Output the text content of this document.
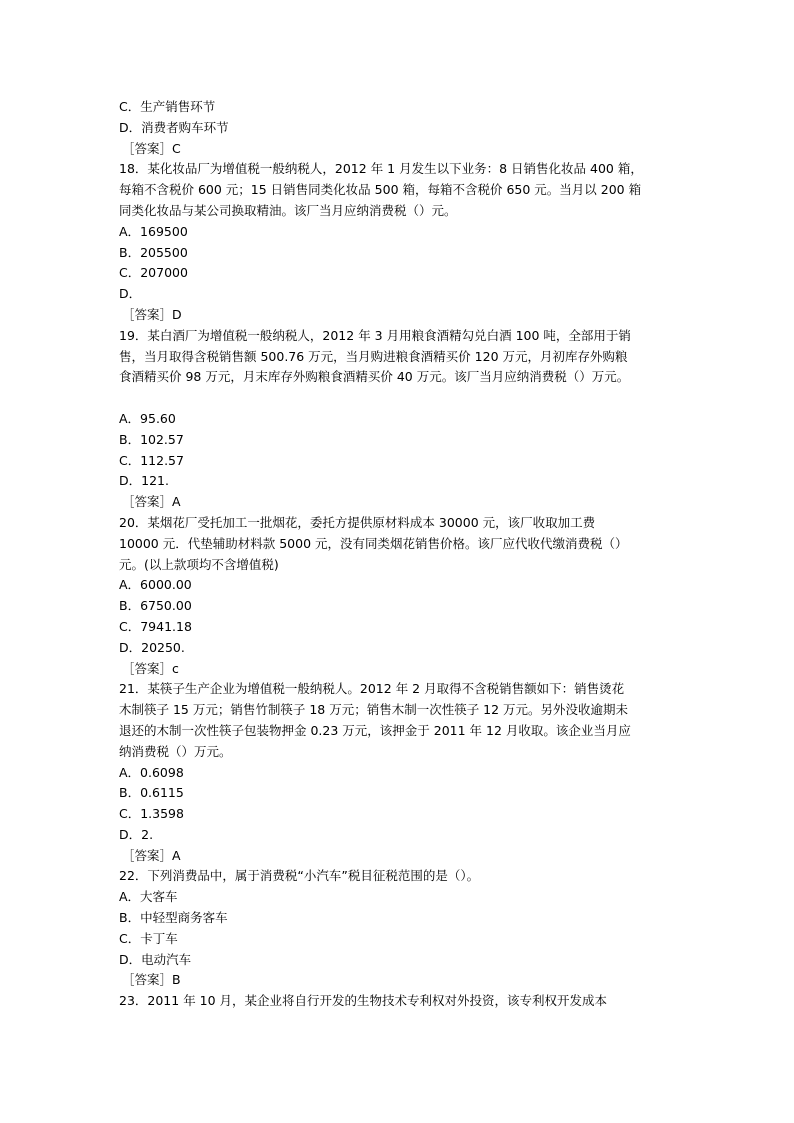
C．生产销售环节
D．消费者购车环节
［答案］C
18．某化妆品厂为增值税一般纳税人，2012 年 1 月发生以下业务：8 日销售化妆品 400 箱，
每箱不含税价 600 元；15 日销售同类化妆品 500 箱，每箱不含税价 650 元。当月以 200 箱
同类化妆品与某公司换取精油。该厂当月应纳消费税（）元。
A．169500
B．205500
C．207000
D．
［答案］D
19．某白酒厂为增值税一般纳税人，2012 年 3 月用粮食酒精勾兑白酒 100 吨，全部用于销
售，当月取得含税销售额 500.76 万元，当月购进粮食酒精买价 120 万元，月初库存外购粮
食酒精买价 98 万元，月末库存外购粮食酒精买价 40 万元。该厂当月应纳消费税（）万元。
A．95.60
B．102.57
C．112.57
D．121.
［答案］A
20．某烟花厂受托加工一批烟花，委托方提供原材料成本 30000 元，该厂收取加工费
10000 元．代垫辅助材料款 5000 元，没有同类烟花销售价格。该厂应代收代缴消费税（）
元。(以上款项均不含增值税)
A．6000.00
B．6750.00
C．7941.18
D．20250.
［答案］c
21．某筷子生产企业为增值税一般纳税人。2012 年 2 月取得不含税销售额如下：销售烫花
木制筷子 15 万元；销售竹制筷子 18 万元；销售木制一次性筷子 12 万元。另外没收逾期未
退还的木制一次性筷子包装物押金 0.23 万元，该押金于 2011 年 12 月收取。该企业当月应
纳消费税（）万元。
A．0.6098
B．0.6115
C．1.3598
D．2.
［答案］A
22．下列消费品中，属于消费税“小汽车”税目征税范围的是（）。
A．大客车
B．中轻型商务客车
C．卡丁车
D．电动汽车
［答案］B
23．2011 年 10 月，某企业将自行开发的生物技术专利权对外投资，该专利权开发成本
